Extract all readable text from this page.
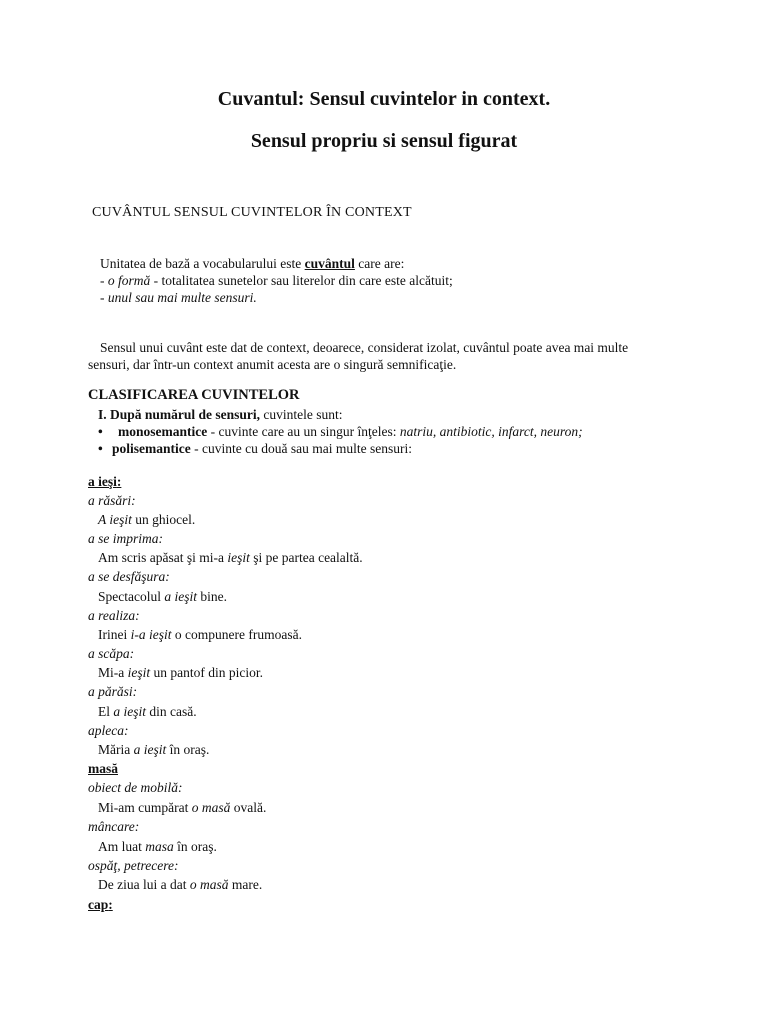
Cuvantul: Sensul cuvintelor in context.
Sensul propriu si sensul figurat

CUVÂNTUL SENSUL CUVINTELOR ÎN CONTEXT

Unitatea de bază a vocabularului este cuvântul care are:

- o formă - totalitatea sunetelor sau literelor din care este alcătuit;

- unul sau mai multe sensuri.

Sensul unui cuvânt este dat de context, deoarece, considerat izolat, cuvântul poate avea mai multe

sensuri, dar într-un context anumit acesta are o singură semnificaţie.

CLASIFICAREA CUVINTELOR

I. După numărul de sensuri, cuvintele sunt:

• monosemantice - cuvinte care au un singur înţeles: natriu, antibiotic, infarct, neuron;

• polisemantice - cuvinte cu două sau mai multe sensuri:

a ieşi:

a răsări:

A ieşit un ghiocel.

a se imprima:

Am scris apăsat şi mi-a ieşit şi pe partea cealaltă.

a se desfăşura:

Spectacolul a ieşit bine.

a realiza:

Irinei i-a ieşit o compunere frumoasă.

a scăpa:

Mi-a ieşit un pantof din picior.

a părăsi:

El a ieşit din casă.

apleca:

Măria a ieşit în oraş.

masă

obiect de mobilă:

Mi-am cumpărat o masă ovală.

mâncare:

Am luat masa în oraş.

ospăţ, petrecere:

De ziua lui a dat o masă mare.

cap:
